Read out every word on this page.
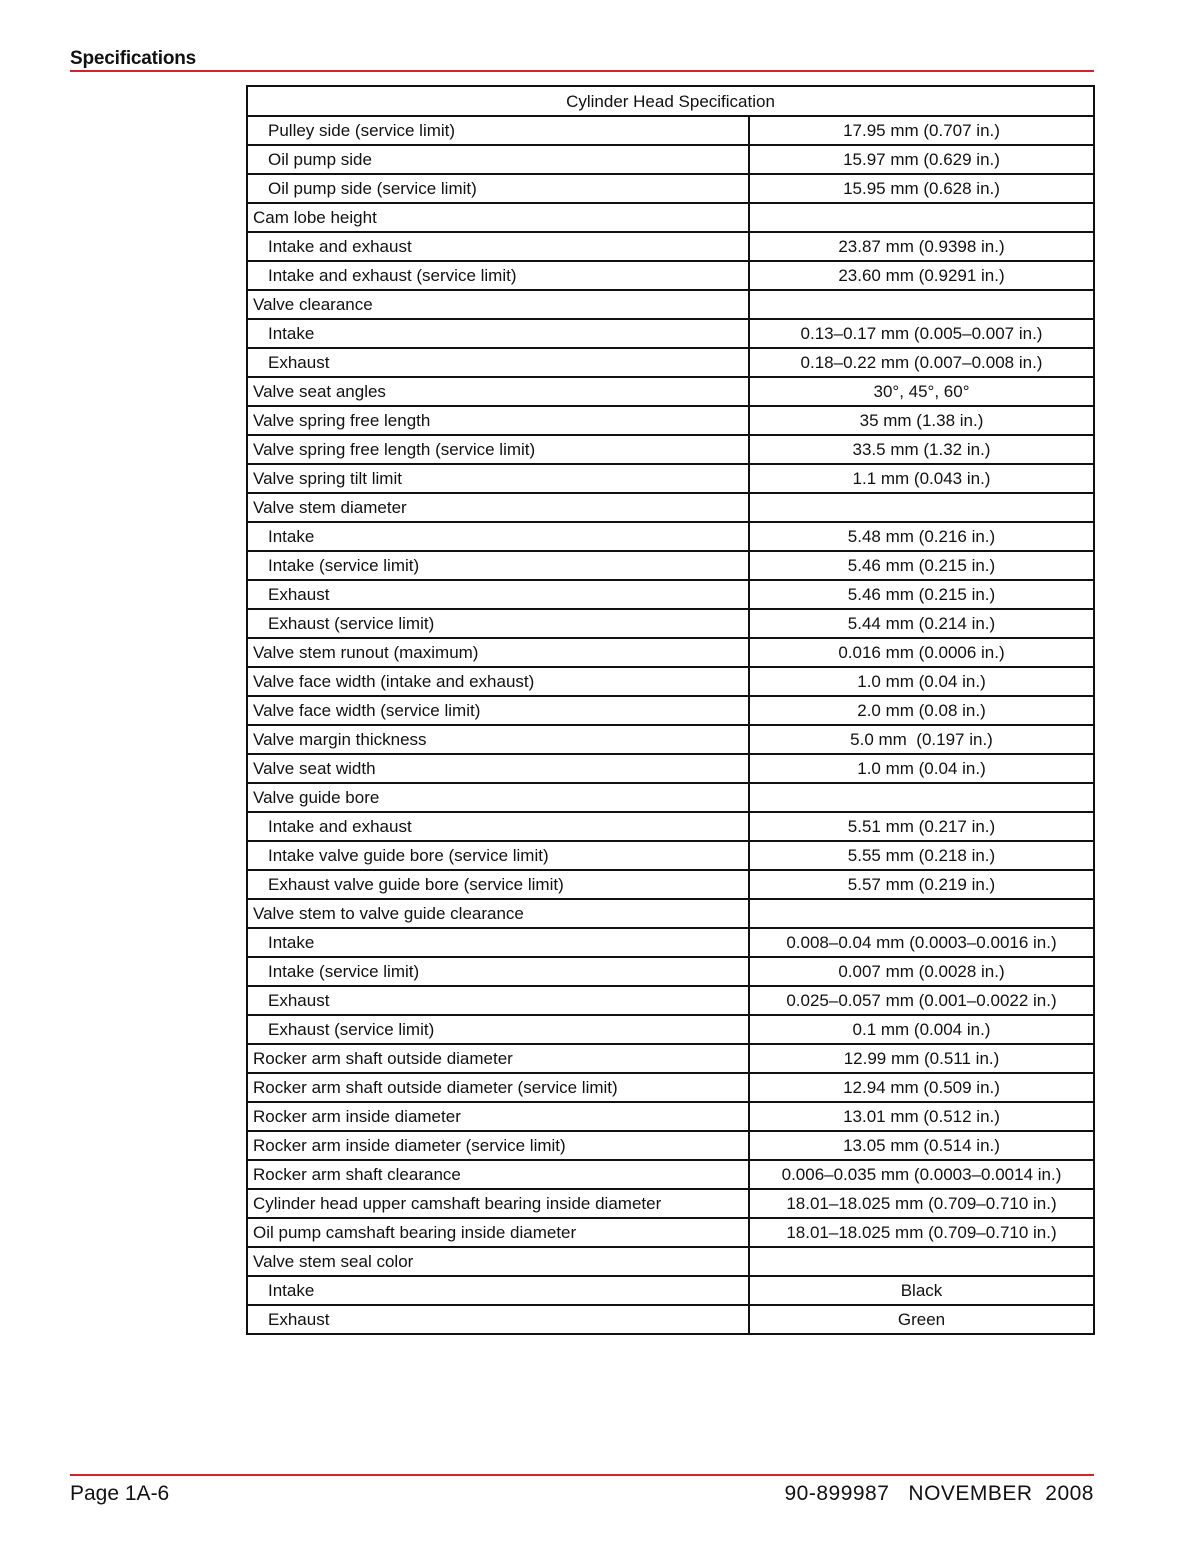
Specifications
Cylinder Head Specification	
Pulley side (service limit)	17.95 mm (0.707 in.)
Oil pump side	15.97 mm (0.629 in.)
Oil pump side (service limit)	15.95 mm (0.628 in.)
Cam lobe height	
Intake and exhaust	23.87 mm (0.9398 in.)
Intake and exhaust (service limit)	23.60 mm (0.9291 in.)
Valve clearance	
Intake	0.13–0.17 mm (0.005–0.007 in.)
Exhaust	0.18–0.22 mm (0.007–0.008 in.)
Valve seat angles	30°, 45°, 60°
Valve spring free length	35 mm (1.38 in.)
Valve spring free length (service limit)	33.5 mm (1.32 in.)
Valve spring tilt limit	1.1 mm (0.043 in.)
Valve stem diameter	
Intake	5.48 mm (0.216 in.)
Intake (service limit)	5.46 mm (0.215 in.)
Exhaust	5.46 mm (0.215 in.)
Exhaust (service limit)	5.44 mm (0.214 in.)
Valve stem runout (maximum)	0.016 mm (0.0006 in.)
Valve face width (intake and exhaust)	1.0 mm (0.04 in.)
Valve face width (service limit)	2.0 mm (0.08 in.)
Valve margin thickness	5.0 mm  (0.197 in.)
Valve seat width	1.0 mm (0.04 in.)
Valve guide bore	
Intake and exhaust	5.51 mm (0.217 in.)
Intake valve guide bore (service limit)	5.55 mm (0.218 in.)
Exhaust valve guide bore (service limit)	5.57 mm (0.219 in.)
Valve stem to valve guide clearance	
Intake	0.008–0.04 mm (0.0003–0.0016 in.)
Intake (service limit)	0.007 mm (0.0028 in.)
Exhaust	0.025–0.057 mm (0.001–0.0022 in.)
Exhaust (service limit)	0.1 mm (0.004 in.)
Rocker arm shaft outside diameter	12.99 mm (0.511 in.)
Rocker arm shaft outside diameter (service limit)	12.94 mm (0.509 in.)
Rocker arm inside diameter	13.01 mm (0.512 in.)
Rocker arm inside diameter (service limit)	13.05 mm (0.514 in.)
Rocker arm shaft clearance	0.006–0.035 mm (0.0003–0.0014 in.)
Cylinder head upper camshaft bearing inside diameter	18.01–18.025 mm (0.709–0.710 in.)
Oil pump camshaft bearing inside diameter	18.01–18.025 mm (0.709–0.710 in.)
Valve stem seal color	
Intake	Black
Exhaust	Green
Page 1A-6	90-899987   NOVEMBER  2008
